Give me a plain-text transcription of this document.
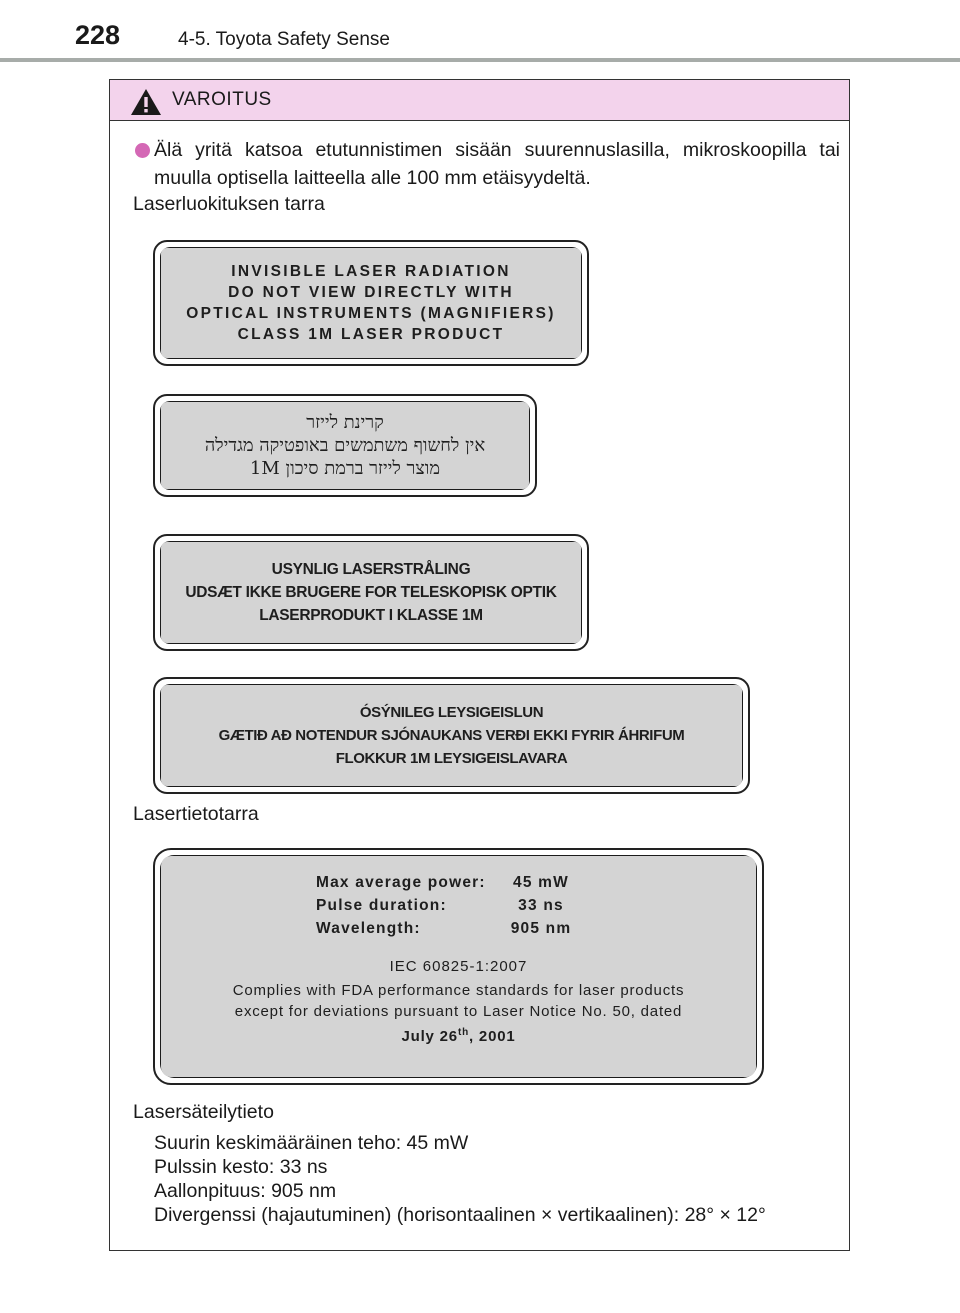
228	4-5. Toyota Safety Sense
VAROITUS
Älä yritä katsoa etutunnistimen sisään suurennuslasilla, mikroskoopilla tai muulla optisella laitteella alle 100 mm etäisyydeltä.
Laserluokituksen tarra
INVISIBLE LASER RADIATION
DO NOT VIEW DIRECTLY WITH
OPTICAL INSTRUMENTS (MAGNIFIERS)
CLASS 1M LASER PRODUCT
קרינת לייזר
אין לחשוף משתמשים באופטיקה מגדילה
מוצר לייזר ברמת סיכון 1M
USYNLIG LASERSTRÅLING
UDSÆT IKKE BRUGERE FOR TELESKOPISK OPTIK
LASERPRODUKT I KLASSE 1M
ÓSÝNILEG LEYSIGEISLUN
GÆTIÐ AÐ NOTENDUR SJÓNAUKANS VERÐI EKKI FYRIR ÁHRIFUM
FLOKKUR 1M LEYSIGEISLAVARA
Lasertietotarra
Max average power:	45 mW
Pulse duration:	33 ns
Wavelength:	905 nm
IEC 60825-1:2007
Complies with FDA performance standards for laser products
except for deviations pursuant to Laser Notice No. 50, dated
July 26th, 2001
Lasersäteilytieto
Suurin keskimääräinen teho: 45 mW
Pulssin kesto: 33 ns
Aallonpituus: 905 nm
Divergenssi (hajautuminen) (horisontaalinen × vertikaalinen): 28° × 12°
